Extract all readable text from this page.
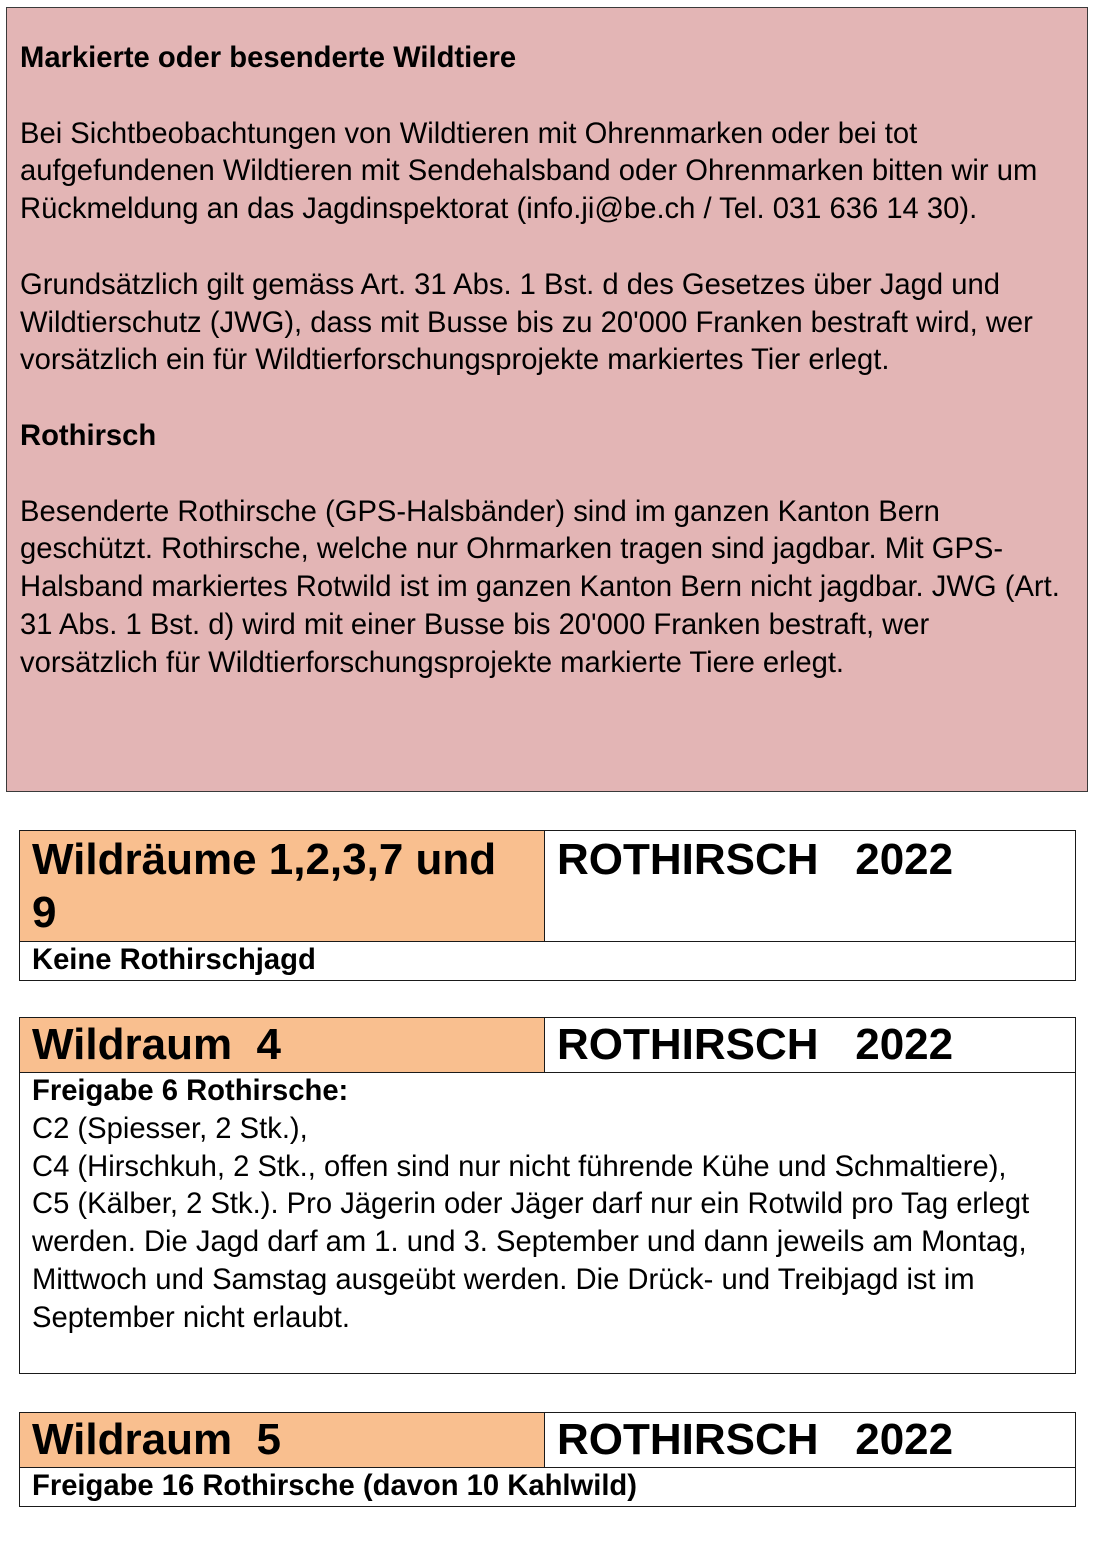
Markierte oder besenderte Wildtiere

Bei Sichtbeobachtungen von Wildtieren mit Ohrenmarken oder bei tot aufgefundenen Wildtieren mit Sendehalsband oder Ohrenmarken bitten wir um Rückmeldung an das Jagdinspektorat (info.ji@be.ch / Tel. 031 636 14 30).

Grundsätzlich gilt gemäss Art. 31 Abs. 1 Bst. d des Gesetzes über Jagd und Wildtierschutz (JWG), dass mit Busse bis zu 20'000 Franken bestraft wird, wer vorsätzlich ein für Wildtierforschungsprojekte markiertes Tier erlegt.

Rothirsch

Besenderte Rothirsche (GPS-Halsbänder) sind im ganzen Kanton Bern geschützt. Rothirsche, welche nur Ohrmarken tragen sind jagdbar. Mit GPS-Halsband markiertes Rotwild ist im ganzen Kanton Bern nicht jagdbar. JWG (Art. 31 Abs. 1 Bst. d) wird mit einer Busse bis 20'000 Franken bestraft, wer vorsätzlich für Wildtierforschungsprojekte markierte Tiere erlegt.

Wildräume 1,2,3,7 und 9	ROTHIRSCH   2022
Keine Rothirschjagd
Wildraum  4	ROTHIRSCH   2022

Freigabe 6 Rothirsche:
C2 (Spiesser, 2 Stk.),
C4 (Hirschkuh, 2 Stk., offen sind nur nicht führende Kühe und Schmaltiere),
C5 (Kälber, 2 Stk.). Pro Jägerin oder Jäger darf nur ein Rotwild pro Tag erlegt werden. Die Jagd darf am 1. und 3. September und dann jeweils am Montag, Mittwoch und Samstag ausgeübt werden. Die Drück- und Treibjagd ist im September nicht erlaubt.
Wildraum  5	ROTHIRSCH   2022
Freigabe 16 Rothirsche (davon 10 Kahlwild)
